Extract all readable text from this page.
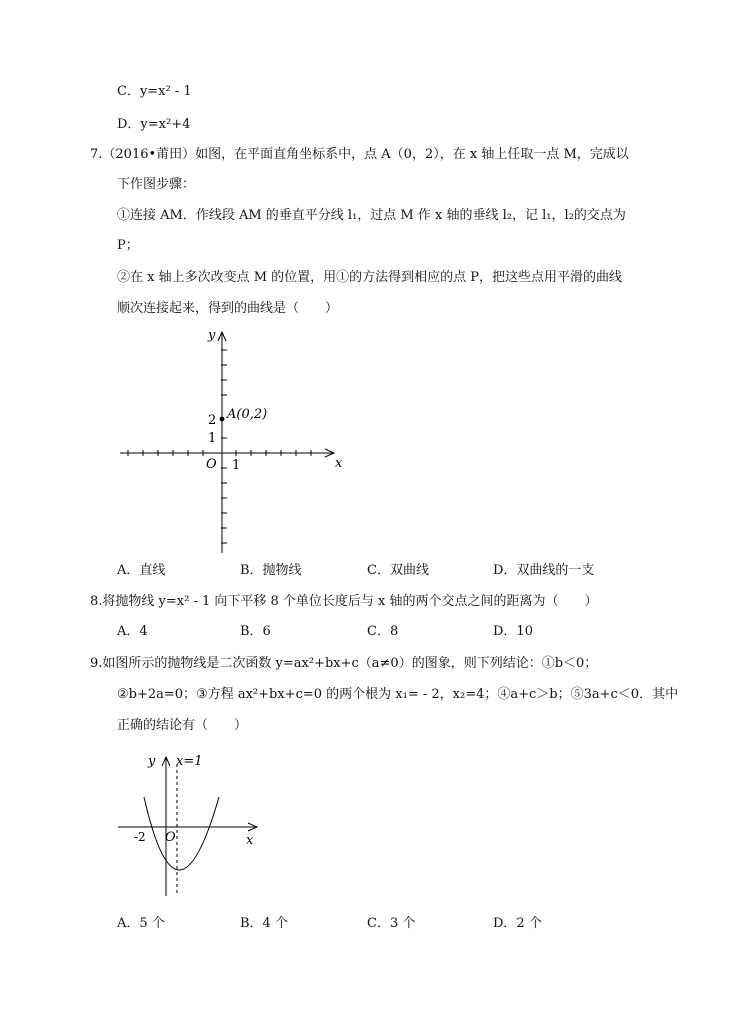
C．y=x² - 1
D．y=x²+4
7.（2016•莆田）如图，在平面直角坐标系中，点 A（0，2），在 x 轴上任取一点 M，完成以
下作图步骤：
①连接 AM．作线段 AM 的垂直平分线 l₁，过点 M 作 x 轴的垂线 l₂，记 l₁，l₂的交点为
P；
②在 x 轴上多次改变点 M 的位置，用①的方法得到相应的点 P，把这些点用平滑的曲线
顺次连接起来，得到的曲线是（　　）
y
x
O 1
2
1
A(0,2)
A．直线	B．抛物线	C．双曲线	D．双曲线的一支
8.将抛物线 y=x² - 1 向下平移 8 个单位长度后与 x 轴的两个交点之间的距离为（　　）
A．4	B．6	C．8	D．10
9.如图所示的抛物线是二次函数 y=ax²+bx+c（a≠0）的图象，则下列结论：①b＜0；
②b+2a=0；③方程 ax²+bx+c=0 的两个根为 x₁= - 2，x₂=4；④a+c＞b；⑤3a+c＜0．其中
正确的结论有（　　）
y x=1
x
O
-2
A．5 个	B．4 个	C．3 个	D．2 个
